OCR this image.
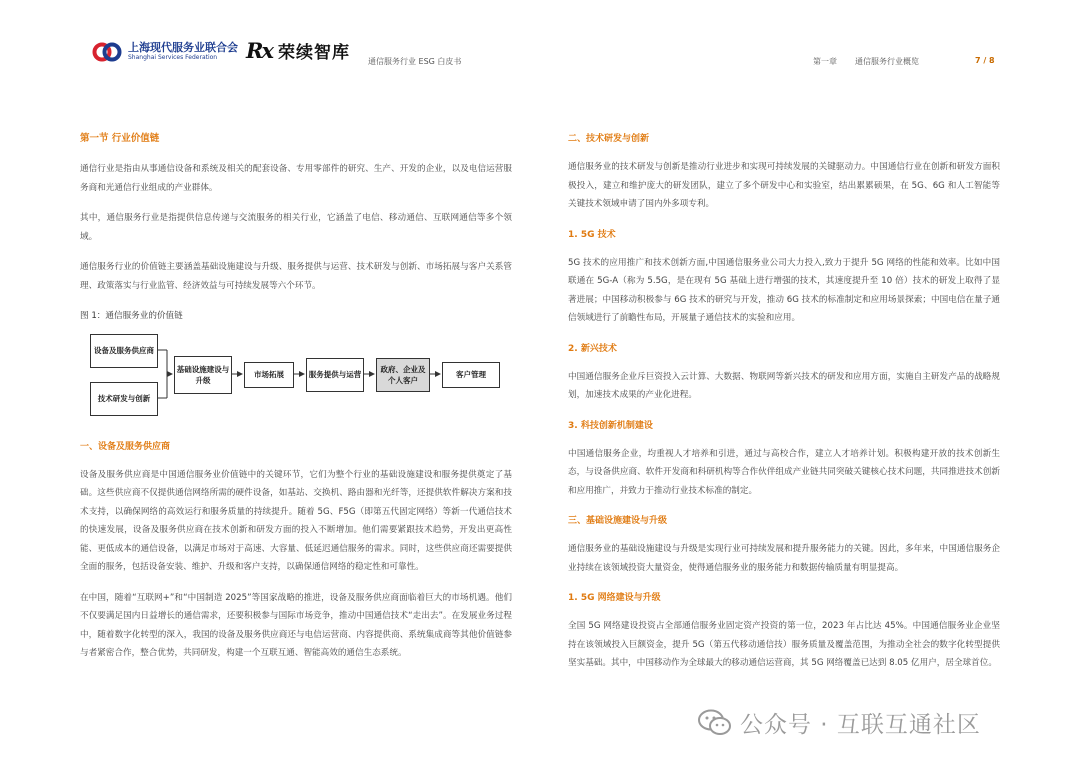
上海现代服务业联合会
Shanghai Services Federation	Rx 荣续智库 通信服务行业 ESG 白皮书	第一章 通信服务行业概览	7 / 8
第一节 行业价值链

通信行业是指由从事通信设备和系统及相关的配套设备、专用零部件的研究、生产、开发的企业，以及电信运营服务商和光通信行业组成的产业群体。

其中，通信服务行业是指提供信息传递与交流服务的相关行业，它涵盖了电信、移动通信、互联网通信等多个领域。

通信服务行业的价值链主要涵盖基础设施建设与升级、服务提供与运营、技术研发与创新、市场拓展与客户关系管理、政策落实与行业监管、经济效益与可持续发展等六个环节。

图 1：通信服务业的价值链
设备及服务供应商
技术研发与创新
基础设施建设与升级
市场拓展	服务提供与运营
政府、企业及个人客户
客户管理
一、设备及服务供应商

设备及服务供应商是中国通信服务业价值链中的关键环节，它们为整个行业的基础设施建设和服务提供奠定了基础。这些供应商不仅提供通信网络所需的硬件设备，如基站、交换机、路由器和光纤等，还提供软件解决方案和技术支持，以确保网络的高效运行和服务质量的持续提升。随着 5G、F5G（即第五代固定网络）等新一代通信技术的快速发展，设备及服务供应商在技术创新和研发方面的投入不断增加。他们需要紧跟技术趋势，开发出更高性能、更低成本的通信设备，以满足市场对于高速、大容量、低延迟通信服务的需求。同时，这些供应商还需要提供全面的服务，包括设备安装、维护、升级和客户支持，以确保通信网络的稳定性和可靠性。

在中国，随着“互联网+”和“中国制造 2025”等国家战略的推进，设备及服务供应商面临着巨大的市场机遇。他们不仅要满足国内日益增长的通信需求，还要积极参与国际市场竞争，推动中国通信技术“走出去”。在发展业务过程中，随着数字化转型的深入，我国的设备及服务供应商还与电信运营商、内容提供商、系统集成商等其他价值链参与者紧密合作，整合优势，共同研发，构建一个互联互通、智能高效的通信生态系统。

二、技术研发与创新

通信服务业的技术研发与创新是推动行业进步和实现可持续发展的关键驱动力。中国通信行业在创新和研发方面积极投入，建立和维护庞大的研发团队，建立了多个研发中心和实验室，结出累累硕果，在 5G、6G 和人工智能等关键技术领域申请了国内外多项专利。

1. 5G 技术

5G 技术的应用推广和技术创新方面,中国通信服务业公司大力投入,致力于提升 5G 网络的性能和效率。比如中国联通在 5G-A（称为 5.5G，是在现有 5G 基础上进行增强的技术，其速度提升至 10 倍）技术的研发上取得了显著进展；中国移动积极参与 6G 技术的研究与开发，推动 6G 技术的标准制定和应用场景探索；中国电信在量子通信领域进行了前瞻性布局，开展量子通信技术的实验和应用。

2. 新兴技术

中国通信服务企业斥巨资投入云计算、大数据、物联网等新兴技术的研发和应用方面，实施自主研发产品的战略规划，加速技术成果的产业化进程。

3. 科技创新机制建设

中国通信服务企业，均重视人才培养和引进，通过与高校合作，建立人才培养计划。积极构建开放的技术创新生态，与设备供应商、软件开发商和科研机构等合作伙伴组成产业链共同突破关键核心技术问题，共同推进技术创新和应用推广，并致力于推动行业技术标准的制定。

三、基础设施建设与升级

通信服务业的基础设施建设与升级是实现行业可持续发展和提升服务能力的关键。因此，多年来，中国通信服务企业持续在该领域投资大量资金，使得通信服务业的服务能力和数据传输质量有明显提高。

1. 5G 网络建设与升级

全国 5G 网络建设投资占全部通信服务业固定资产投资的第一位，2023 年占比达 45%。中国通信服务业企业坚持在该领域投入巨额资金，提升 5G（第五代移动通信技）服务质量及覆盖范围，为推动全社会的数字化转型提供坚实基础。其中，中国移动作为全球最大的移动通信运营商，其 5G 网络覆盖已达到 8.05 亿用户，居全球首位。

公众号 · 互联互通社区
